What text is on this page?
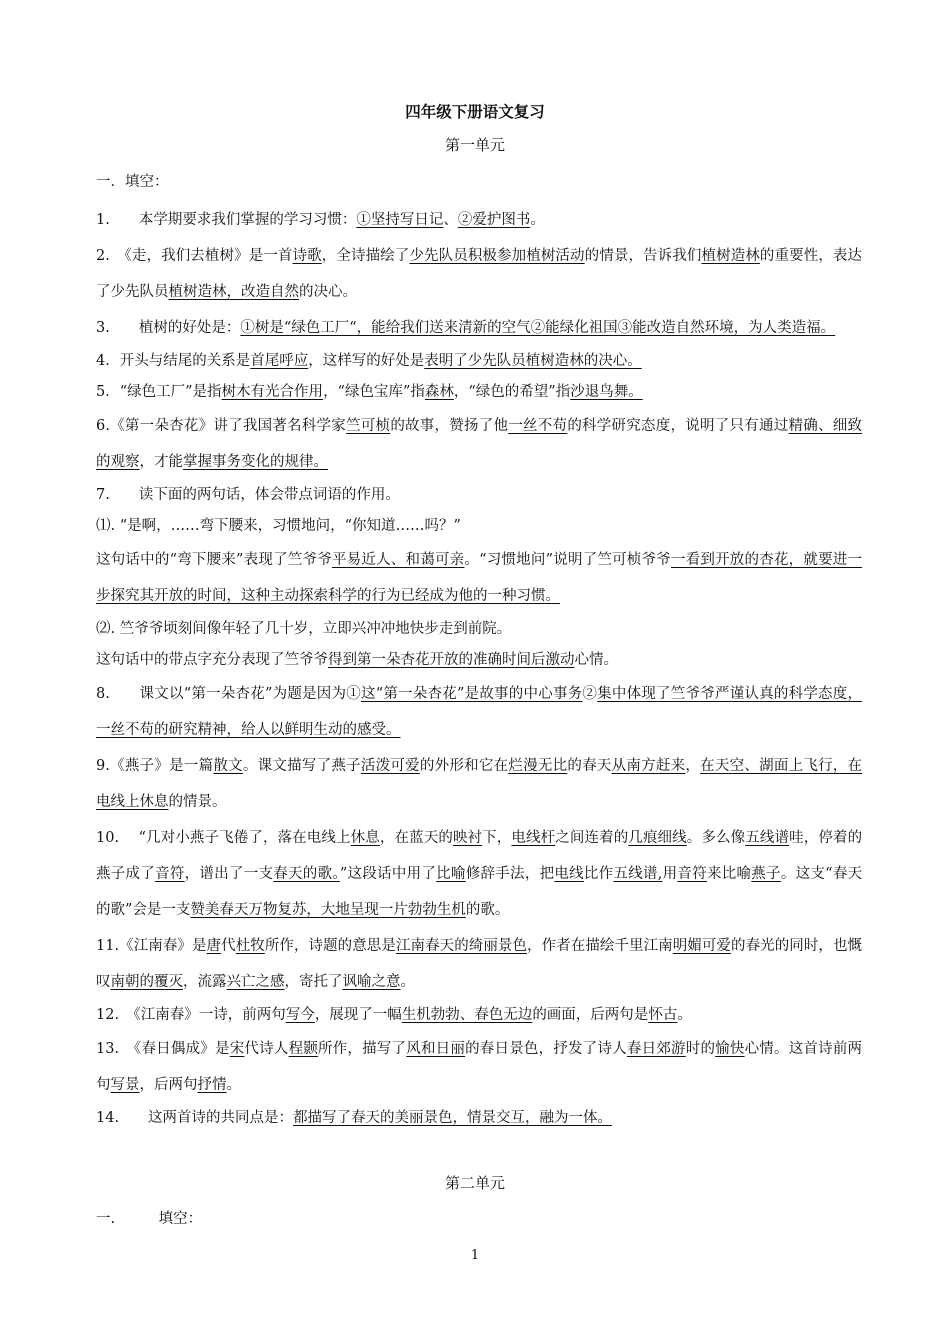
四年级下册语文复习
第一单元
一．填空：

1.　　本学期要求我们掌握的学习习惯：①坚持写日记、②爱护图书。

2.　《走，我们去植树》是一首诗歌，全诗描绘了少先队员积极参加植树活动的情景，告诉我们植树造林的重要性，表达了少先队员植树造林，改造自然的决心。

3.　　植树的好处是：①树是“绿色工厂“，能给我们送来清新的空气②能绿化祖国③能改造自然环境，为人类造福。

4．开头与结尾的关系是首尾呼应，这样写的好处是表明了少先队员植树造林的决心。

5．“绿色工厂”是指树木有光合作用，“绿色宝库”指森林，“绿色的希望”指沙退鸟舞。

6.《第一朵杏花》讲了我国著名科学家竺可桢的故事，赞扬了他一丝不苟的科学研究态度，说明了只有通过精确、细致的观察，才能掌握事务变化的规律。

7.　　读下面的两句话，体会带点词语的作用。

⑴. “是啊，……弯下腰来，习惯地问，“你知道……吗？”

这句话中的“弯下腰来”表现了竺爷爷平易近人、和蔼可亲。“习惯地问”说明了竺可桢爷爷一看到开放的杏花，就要进一步探究其开放的时间，这种主动探索科学的行为已经成为他的一种习惯。

⑵. 竺爷爷顷刻间像年轻了几十岁，立即兴冲冲地快步走到前院。

这句话中的带点字充分表现了竺爷爷得到第一朵杏花开放的准确时间后激动心情。

8.　　课文以“第一朵杏花”为题是因为①这“第一朵杏花”是故事的中心事务②集中体现了竺爷爷严谨认真的科学态度，一丝不苟的研究精神，给人以鲜明生动的感受。

9.《燕子》是一篇散文。课文描写了燕子活泼可爱的外形和它在烂漫无比的春天从南方赶来，在天空、湖面上飞行，在电线上休息的情景。

10.　 “几对小燕子飞倦了，落在电线上休息，在蓝天的映衬下，电线杆之间连着的几痕细线。多么像五线谱哇，停着的燕子成了音符，谱出了一支春天的歌。”这段话中用了比喻修辞手法，把电线比作五线谱,用音符来比喻燕子。这支“春天的歌”会是一支赞美春天万物复苏，大地呈现一片勃勃生机的歌。

11.《江南春》是唐代杜牧所作，诗题的意思是江南春天的绮丽景色，作者在描绘千里江南明媚可爱的春光的同时，也慨叹南朝的覆灭，流露兴亡之感，寄托了讽喻之意。

12.　《江南春》一诗，前两句写今，展现了一幅生机勃勃、春色无边的画面，后两句是怀古。

13.　《春日偶成》是宋代诗人程颢所作，描写了风和日丽的春日景色，抒发了诗人春日郊游时的愉快心情。这首诗前两句写景，后两句抒情。

14.　　这两首诗的共同点是：都描写了春天的美丽景色，情景交互，融为一体。

第二单元
一.　　　填空：
1
